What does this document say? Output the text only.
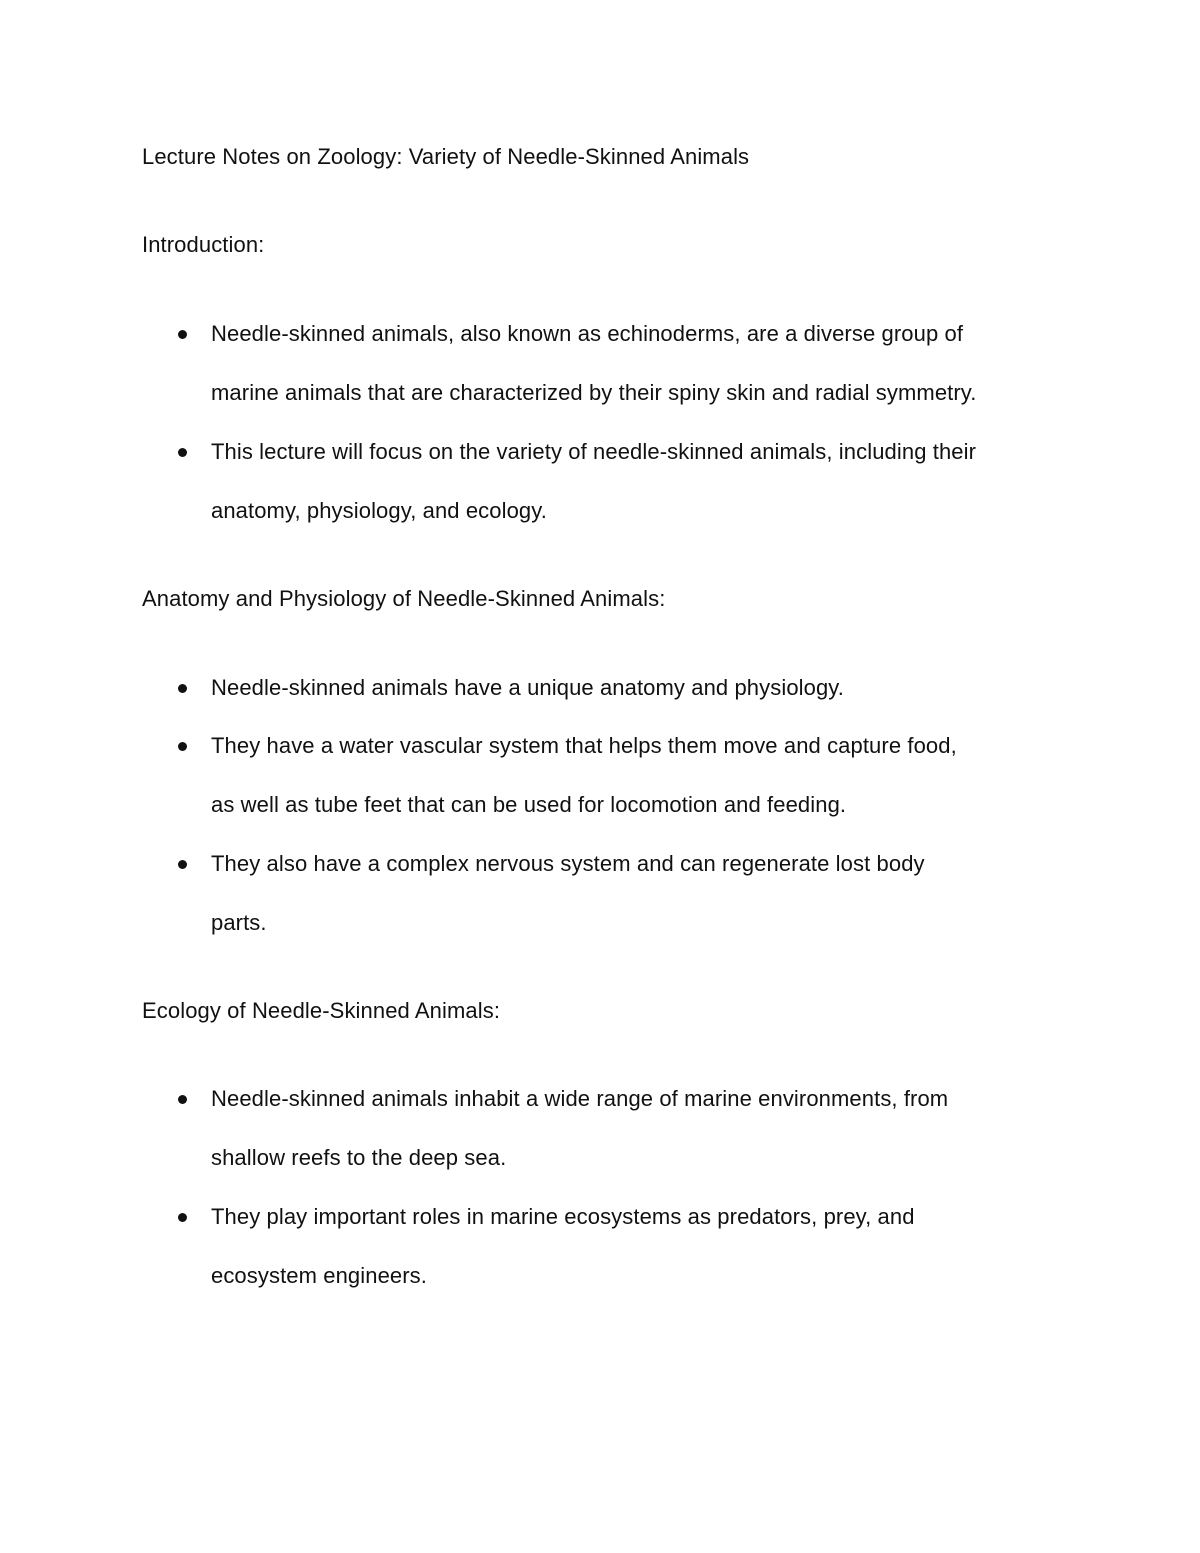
Lecture Notes on Zoology: Variety of Needle-Skinned Animals
Introduction:
Needle-skinned animals, also known as echinoderms, are a diverse group of
marine animals that are characterized by their spiny skin and radial symmetry.
This lecture will focus on the variety of needle-skinned animals, including their
anatomy, physiology, and ecology.
Anatomy and Physiology of Needle-Skinned Animals:
Needle-skinned animals have a unique anatomy and physiology.
They have a water vascular system that helps them move and capture food,
as well as tube feet that can be used for locomotion and feeding.
They also have a complex nervous system and can regenerate lost body
parts.
Ecology of Needle-Skinned Animals:
Needle-skinned animals inhabit a wide range of marine environments, from
shallow reefs to the deep sea.
They play important roles in marine ecosystems as predators, prey, and
ecosystem engineers.
